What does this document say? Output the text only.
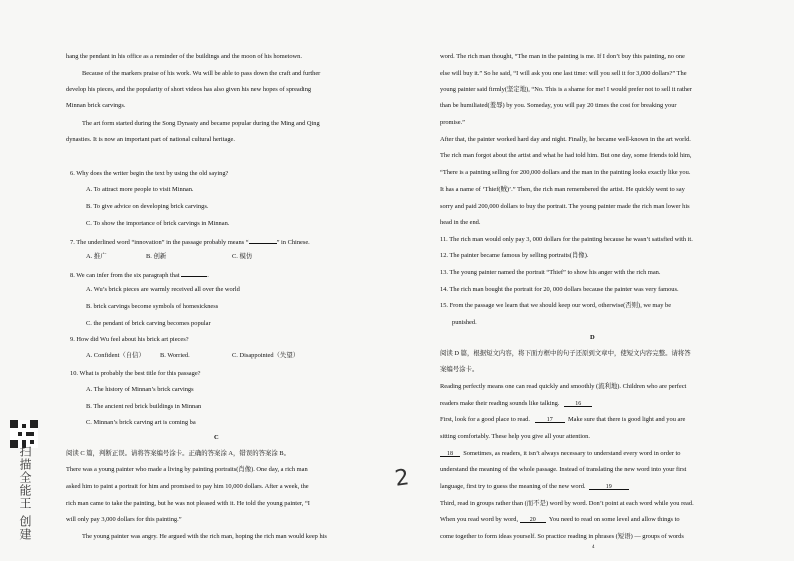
hang the pendant in his office as a reminder of the buildings and the moon of his hometown.
Because of the markers praise of his work. Wu will be able to pass down the craft and further
develop his pieces, and the popularity of short videos has also given his new hopes of spreading
Minnan brick carvings.
The art form started during the Song Dynasty and became popular during the Ming and Qing
dynasties. It is now an important part of national cultural heritage.
6. Why does the writer begin the text by using the old saying?
A. To attract more people to visit Minnan.
B. To give advice on developing brick carvings.
C. To show the importance of brick carvings in Minnan.
7. The underlined word “innovation” in the passage probably means “	” in Chinese.
A. 推广	B. 创新	C. 模仿
8. We can infer from the six paragraph that	.
A. Wu’s brick pieces are warmly received all over the world
B. brick carvings become symbols of homesickness
C. the pendant of brick carving becomes popular
9. How did Wu feel about his brick art pieces?
A. Confident（自信） B. Worried.	C. Disappointed（失望）
10. What is probably the best title for this passage?
A. The history of Minnan’s brick carvings
B. The ancient red brick buildings in Minnan
C. Minnan’s brick carving art is coming ba
C
阅读 C 篇，判断正误。请将答案编号涂卡。正确的答案涂 A，错误的答案涂 B。
There was a young painter who made a living by painting portraits(肖像). One day, a rich man
asked him to paint a portrait for him and promised to pay him 10,000 dollars. After a week, the
rich man came to take the painting, but he was not pleased with it. He told the young painter, “I
will only pay 3,000 dollars for this painting.”
The young painter was angry. He argued with the rich man, hoping the rich man would keep his
扫描全能王 创建	2
word. The rich man thought, “The man in the painting is me. If I don’t buy this painting, no one
else will buy it.” So he said, “I will ask you one last time: will you sell it for 3,000 dollars?” The
young painter said firmly(坚定地), “No. This is a shame for me! I would prefer not to sell it rather
than be humiliated(羞辱) by you. Someday, you will pay 20 times the cost for breaking your
promise.”
After that, the painter worked hard day and night. Finally, he became well-known in the art world.
The rich man forgot about the artist and what he had told him. But one day, some friends told him,
“There is a painting selling for 200,000 dollars and the man in the painting looks exactly like you.
It has a name of ‘Thief(贼)’.” Then, the rich man remembered the artist. He quickly went to say
sorry and paid 200,000 dollars to buy the portrait. The young painter made the rich man lower his
head in the end.
11. The rich man would only pay 3, 000 dollars for the painting because he wasn’t satisfied with it.
12. The painter became famous by selling portraits(肖像).
13. The young painter named the portrait “Thief” to show his anger with the rich man.
14. The rich man bought the portrait for 20, 000 dollars because the painter was very famous.
15. From the passage we learn that we should keep our word, otherwise(否则), we may be
punished.
D
阅读 D 篇，根据短文内容，将下面方框中的句子还原到文章中，使短文内容完整。请将答
案编号涂卡。
Reading perfectly means one can read quickly and smoothly (流利地). Children who are perfect
readers make their reading sounds like talking.	16
First, look for a good place to read.	17 Make sure that there is good light and you are
sitting comfortably. These help you give all your attention.
18 Sometimes, as readers, it isn’t always necessary to understand every word in order to
understand the meaning of the whole passage. Instead of translating the new word into your first
language, first try to guess the meaning of the new word.	19
Third, read in groups rather than (而不是) word by word. Don’t point at each word while you read.
When you read word by word, 20 You need to read on some level and allow things to
come together to form ideas yourself. So practice reading in phrases (短语) — groups of words
4
